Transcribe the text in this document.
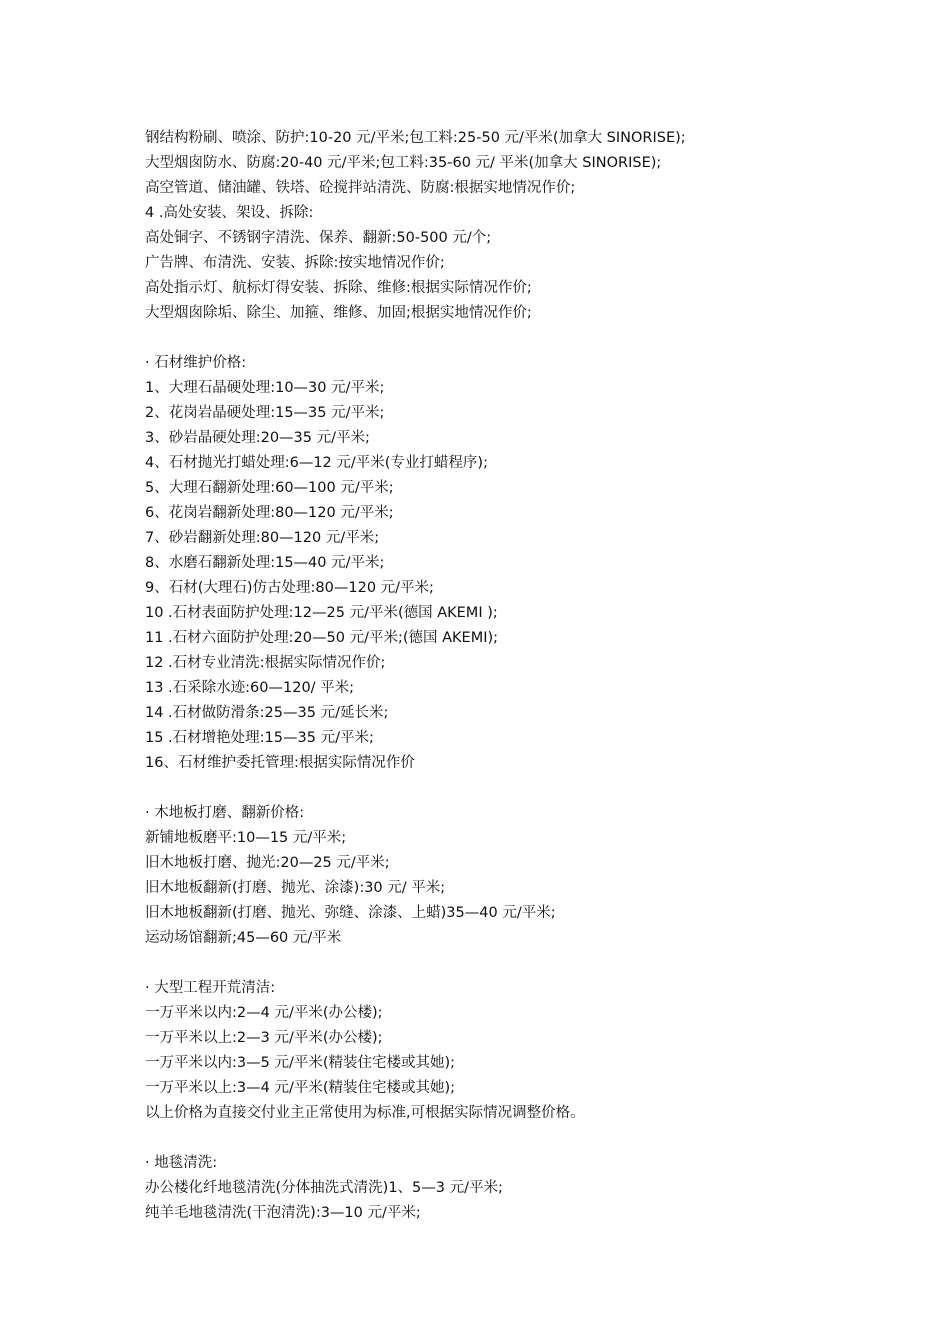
钢结构粉刷、喷涂、防护:10-20 元/平米;包工料:25-50 元/平米(加拿大 SINORISE);
大型烟囱防水、防腐:20-40 元/平米;包工料:35-60 元/ 平米(加拿大 SINORISE);
高空管道、储油罐、铁塔、砼搅拌站清洗、防腐:根据实地情况作价;
4 .高处安装、架设、拆除:
高处铜字、不锈钢字清洗、保养、翻新:50-500 元/个;
广告牌、布清洗、安装、拆除:按实地情况作价;
高处指示灯、航标灯得安装、拆除、维修:根据实际情况作价;
大型烟囱除垢、除尘、加箍、维修、加固;根据实地情况作价;
· 石材维护价格:
1、大理石晶硬处理:10—30 元/平米;
2、花岗岩晶硬处理:15—35 元/平米;
3、砂岩晶硬处理:20—35 元/平米;
4、石材抛光打蜡处理:6—12 元/平米(专业打蜡程序);
5、大理石翻新处理:60—100 元/平米;
6、花岗岩翻新处理:80—120 元/平米;
7、砂岩翻新处理:80—120 元/平米;
8、水磨石翻新处理:15—40 元/平米;
9、石材(大理石)仿古处理:80—120 元/平米;
10 .石材表面防护处理:12—25 元/平米(德国 AKEMI );
11 .石材六面防护处理:20—50 元/平米;(德国 AKEMI);
12 .石材专业清洗:根据实际情况作价;
13 .石采除水迹:60—120/ 平米;
14 .石材做防滑条:25—35 元/延长米;
15 .石材增艳处理:15—35 元/平米;
16、石材维护委托管理:根据实际情况作价
· 木地板打磨、翻新价格:
新铺地板磨平:10—15 元/平米;
旧木地板打磨、抛光:20—25 元/平米;
旧木地板翻新(打磨、抛光、涂漆):30 元/ 平米;
旧木地板翻新(打磨、抛光、弥缝、涂漆、上蜡)35—40 元/平米;
运动场馆翻新;45—60 元/平米
· 大型工程开荒清洁:
一万平米以内:2—4 元/平米(办公楼);
一万平米以上:2—3 元/平米(办公楼);
一万平米以内:3—5 元/平米(精装住宅楼或其她);
一万平米以上:3—4 元/平米(精装住宅楼或其她);
以上价格为直接交付业主正常使用为标准,可根据实际情况调整价格。
· 地毯清洗:
办公楼化纤地毯清洗(分体抽洗式清洗)1、5—3 元/平米;
纯羊毛地毯清洗(干泡清洗):3—10 元/平米;
